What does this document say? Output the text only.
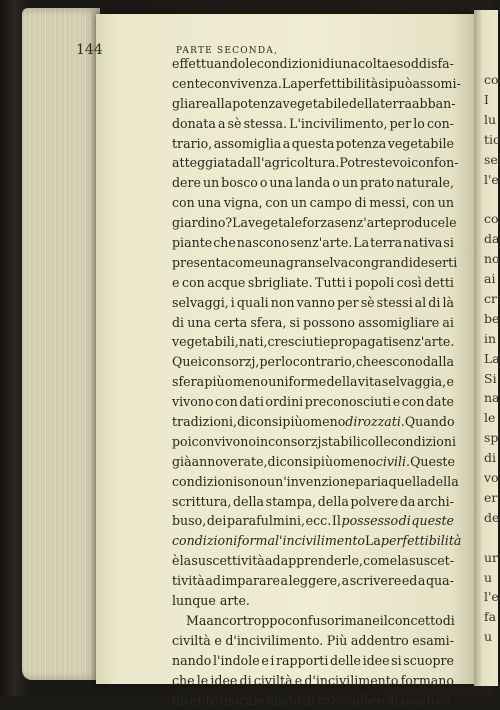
co
I
lu
tic
se
l'e
co
da
no
ai
cr
be
in
La
Si
na
le
sp
di
vo
er
de
ur
u
l'e
fa
u
144	PARTE SECONDA,
effettuando le condizioni di una colta e soddisfa-
cente convivenza. La perfettibilità si può assomi-
gliare alla potenza vegetabile della terra abban-
donata a sè stessa. L'incivilimento, per lo con-
trario, assomiglia a questa potenza vegetabile
atteggiata dall'agricoltura. Potreste voi confon-
dere un bosco o una landa o un prato naturale,
con una vigna, con un campo di messi, con un
giardino? La vegetale forza senz'arte produce le
piante che nascono senz'arte. La terra nativa si
presenta come una gran selva con grandi deserti
e con acque sbrigliate. Tutti i popoli così detti
selvaggi, i quali non vanno per sè stessi al di là
di una certa sfera, si possono assomigliare ai
vegetabili, nati, cresciuti e propagati senz'arte.
Quei consorzj, per lo contrario, che escono dalla
sfera più o meno uniforme della vita selvaggia, e
vivono con dati ordini preconosciuti e con date
tradizioni, diconsi più o meno dirozzati. Quando
poi convivono in consorzj stabili colle condizioni
già annoverate, diconsi più o meno civili. Queste
condizioni sono un'invenzione pari a quella della
scrittura, della stampa, della polvere da archi-
buso, dei parafulmini, ecc. Il possesso di queste
condizioni forma l'incivilimento La perfettibilità
è la suscettività ad apprenderle, come la suscet-
tività ad imparare a leggere, a scrivere ed a qua-
lunque arte.
Ma ancor troppo confuso rimane il concetto di
civiltà e d'incivilimento. Più addentro esami-
nando l'indole e i rapporti delle idee si scuopre
che le idee di civiltà e d'incivilimento formano
un ente morale misto di razionale e di positivo,
